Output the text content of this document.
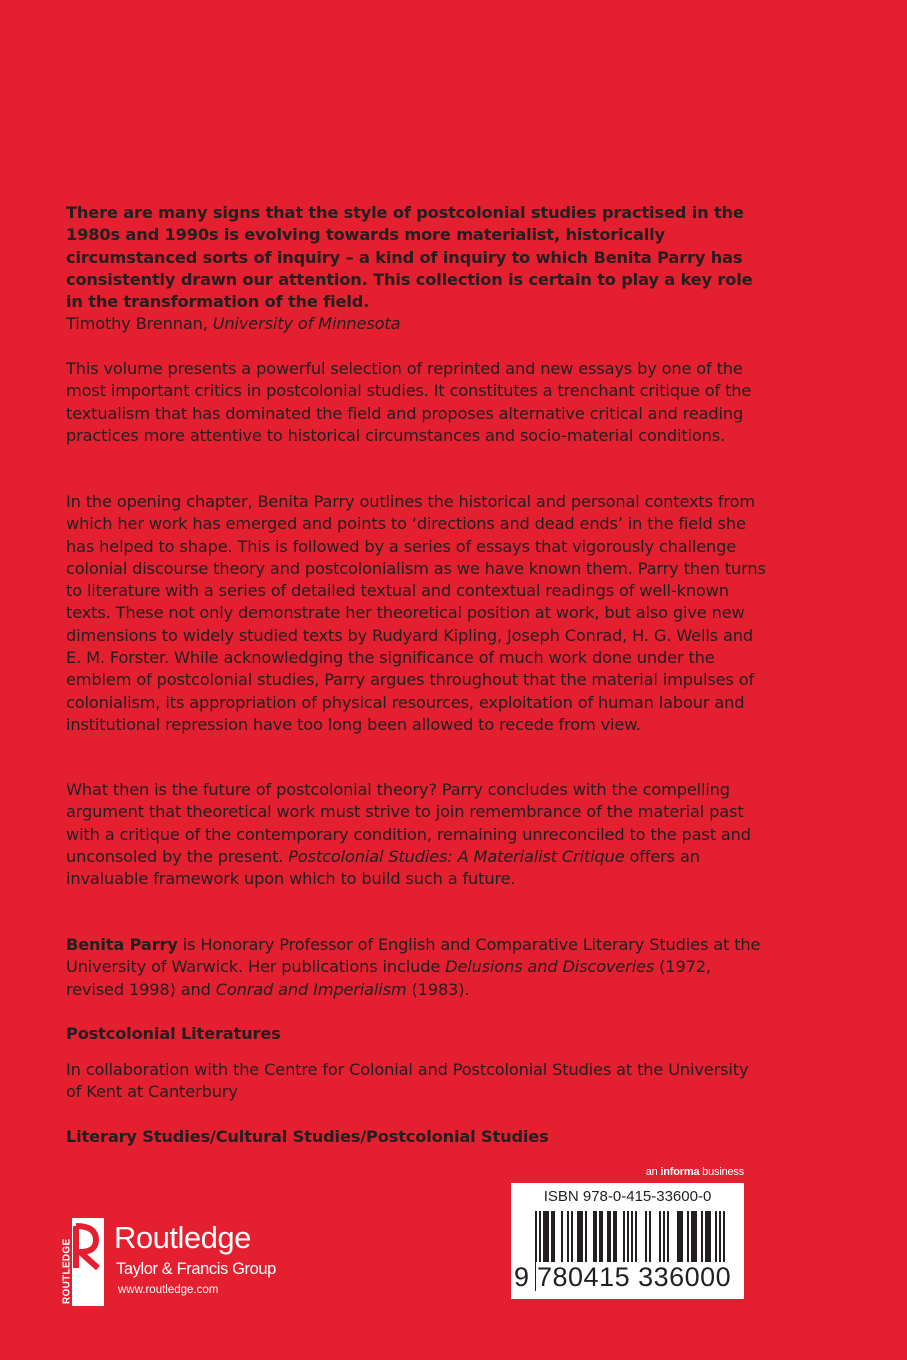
There are many signs that the style of postcolonial studies practised in the 1980s and 1990s is evolving towards more materialist, historically circumstanced sorts of inquiry – a kind of inquiry to which Benita Parry has consistently drawn our attention. This collection is certain to play a key role in the transformation of the field.

Timothy Brennan, University of Minnesota

This volume presents a powerful selection of reprinted and new essays by one of the most important critics in postcolonial studies. It constitutes a trenchant critique of the textualism that has dominated the field and proposes alternative critical and reading practices more attentive to historical circumstances and socio-material conditions.

In the opening chapter, Benita Parry outlines the historical and personal contexts from which her work has emerged and points to ‘directions and dead ends’ in the field she has helped to shape. This is followed by a series of essays that vigorously challenge colonial discourse theory and postcolonialism as we have known them. Parry then turns to literature with a series of detailed textual and contextual readings of well-known texts. These not only demonstrate her theoretical position at work, but also give new dimensions to widely studied texts by Rudyard Kipling, Joseph Conrad, H. G. Wells and E. M. Forster. While acknowledging the significance of much work done under the emblem of postcolonial studies, Parry argues throughout that the material impulses of colonialism, its appropriation of physical resources, exploitation of human labour and institutional repression have too long been allowed to recede from view.

What then is the future of postcolonial theory? Parry concludes with the compelling argument that theoretical work must strive to join remembrance of the material past with a critique of the contemporary condition, remaining unreconciled to the past and unconsoled by the present. Postcolonial Studies: A Materialist Critique offers an invaluable framework upon which to build such a future.

Benita Parry is Honorary Professor of English and Comparative Literary Studies at the University of Warwick. Her publications include Delusions and Discoveries (1972, revised 1998) and Conrad and Imperialism (1983).

Postcolonial Literatures

In collaboration with the Centre for Colonial and Postcolonial Studies at the University of Kent at Canterbury

Literary Studies/Cultural Studies/Postcolonial Studies

an informa business
ISBN 978-0-415-33600-0
9 780415 336000
ROUTLEDGE
Routledge
Taylor & Francis Group
www.routledge.com
